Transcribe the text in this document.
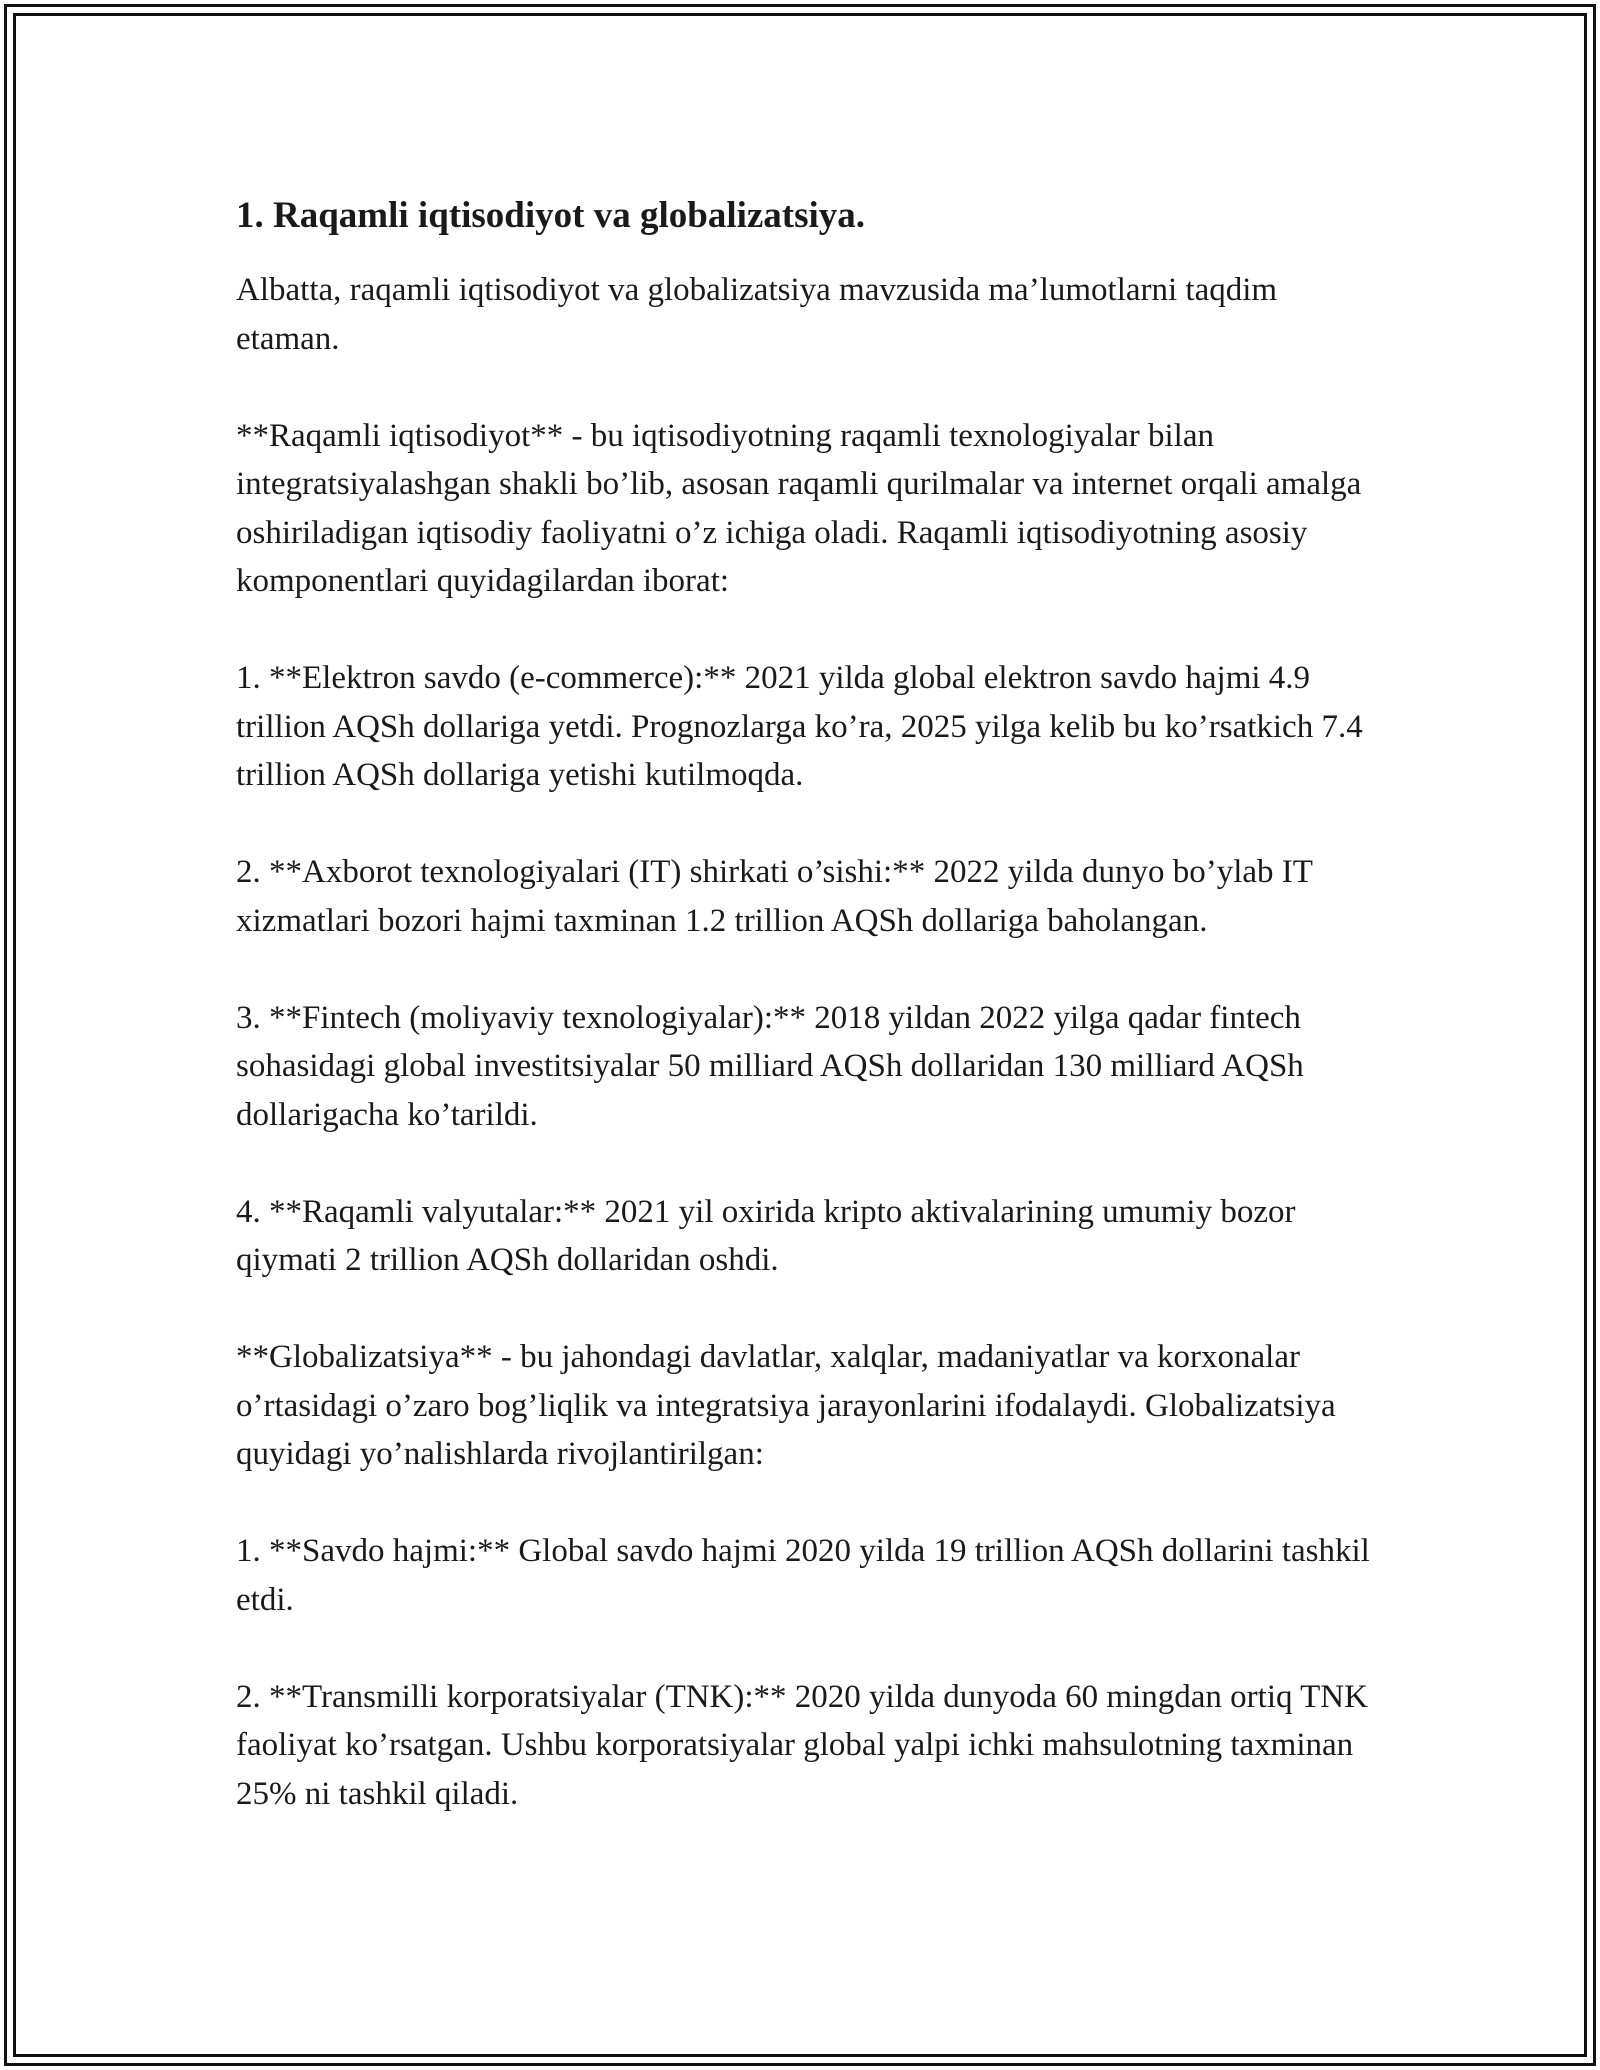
1. Raqamli iqtisodiyot va globalizatsiya.

Albatta, raqamli iqtisodiyot va globalizatsiya mavzusida ma’lumotlarni taqdim etaman.

**Raqamli iqtisodiyot** - bu iqtisodiyotning raqamli texnologiyalar bilan integratsiyalashgan shakli bo’lib, asosan raqamli qurilmalar va internet orqali amalga oshiriladigan iqtisodiy faoliyatni o’z ichiga oladi. Raqamli iqtisodiyotning asosiy komponentlari quyidagilardan iborat:

1. **Elektron savdo (e-commerce):** 2021 yilda global elektron savdo hajmi 4.9 trillion AQSh dollariga yetdi. Prognozlarga ko’ra, 2025 yilga kelib bu ko’rsatkich 7.4 trillion AQSh dollariga yetishi kutilmoqda.

2. **Axborot texnologiyalari (IT) shirkati o’sishi:** 2022 yilda dunyo bo’ylab IT xizmatlari bozori hajmi taxminan 1.2 trillion AQSh dollariga baholangan.

3. **Fintech (moliyaviy texnologiyalar):** 2018 yildan 2022 yilga qadar fintech sohasidagi global investitsiyalar 50 milliard AQSh dollaridan 130 milliard AQSh dollarigacha ko’tarildi.

4. **Raqamli valyutalar:** 2021 yil oxirida kripto aktivalarining umumiy bozor qiymati 2 trillion AQSh dollaridan oshdi.

**Globalizatsiya** - bu jahondagi davlatlar, xalqlar, madaniyatlar va korxonalar o’rtasidagi o’zaro bog’liqlik va integratsiya jarayonlarini ifodalaydi. Globalizatsiya quyidagi yo’nalishlarda rivojlantirilgan:

1. **Savdo hajmi:** Global savdo hajmi 2020 yilda 19 trillion AQSh dollarini tashkil etdi.

2. **Transmilli korporatsiyalar (TNK):** 2020 yilda dunyoda 60 mingdan ortiq TNK faoliyat ko’rsatgan. Ushbu korporatsiyalar global yalpi ichki mahsulotning taxminan 25% ni tashkil qiladi.
